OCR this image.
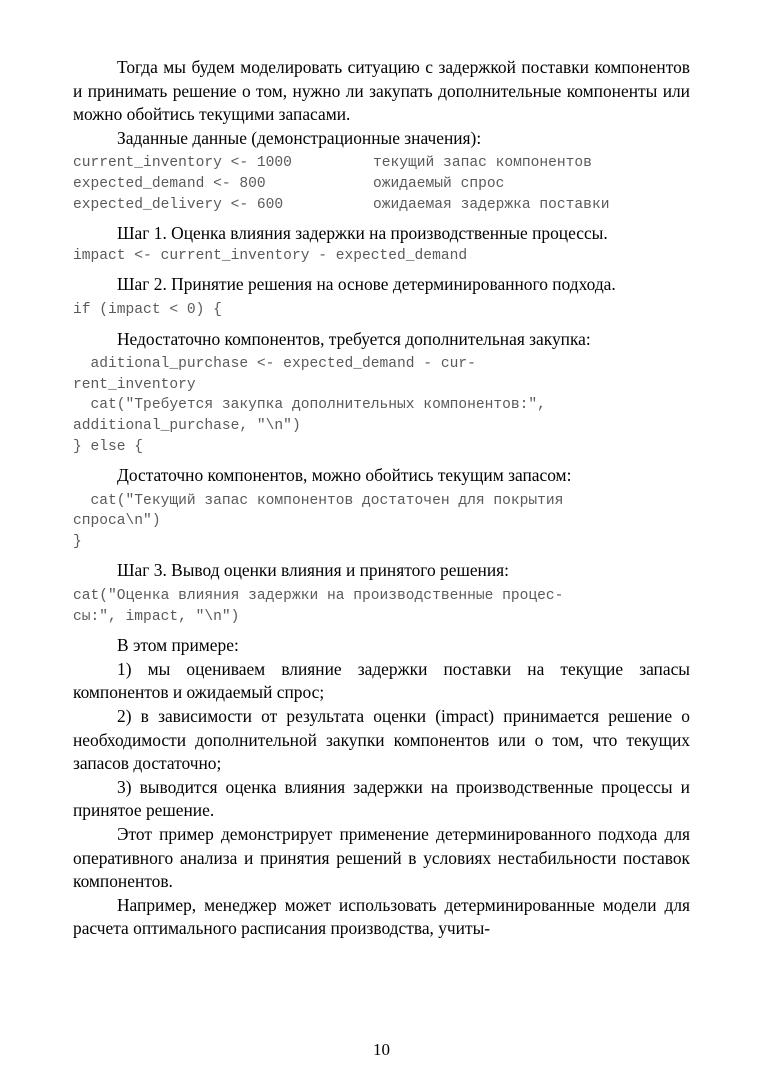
Тогда мы будем моделировать ситуацию с задержкой поставки компонентов и принимать решение о том, нужно ли закупать дополнительные компоненты или можно обойтись текущими запасами.

Заданные данные (демонстрационные значения):

current_inventory <- 1000	текущий запас компонентов
expected_demand <- 800	ожидаемый спрос
expected_delivery <- 600	ожидаемая задержка поставки

Шаг 1. Оценка влияния задержки на производственные процессы.

impact <- current_inventory - expected_demand

Шаг 2. Принятие решения на основе детерминированного подхода.

if (impact < 0) {

Недостаточно компонентов, требуется дополнительная закупка:

aditional_purchase <- expected_demand - cur-
rent_inventory
cat("Требуется закупка дополнительных компонентов:",
additional_purchase, "\n")
} else {

Достаточно компонентов, можно обойтись текущим запасом:

cat("Текущий запас компонентов достаточен для покрытия
спроса\n")
}

Шаг 3. Вывод оценки влияния и принятого решения:

cat("Оценка влияния задержки на производственные процес-
сы:", impact, "\n")

В этом примере:

1) мы оцениваем влияние задержки поставки на текущие запасы компонентов и ожидаемый спрос;

2) в зависимости от результата оценки (impact) принимается решение о необходимости дополнительной закупки компонентов или о том, что текущих запасов достаточно;

3) выводится оценка влияния задержки на производственные процессы и принятое решение.

Этот пример демонстрирует применение детерминированного подхода для оперативного анализа и принятия решений в условиях нестабильности поставок компонентов.

Например, менеджер может использовать детерминированные модели для расчета оптимального расписания производства, учиты-

10
